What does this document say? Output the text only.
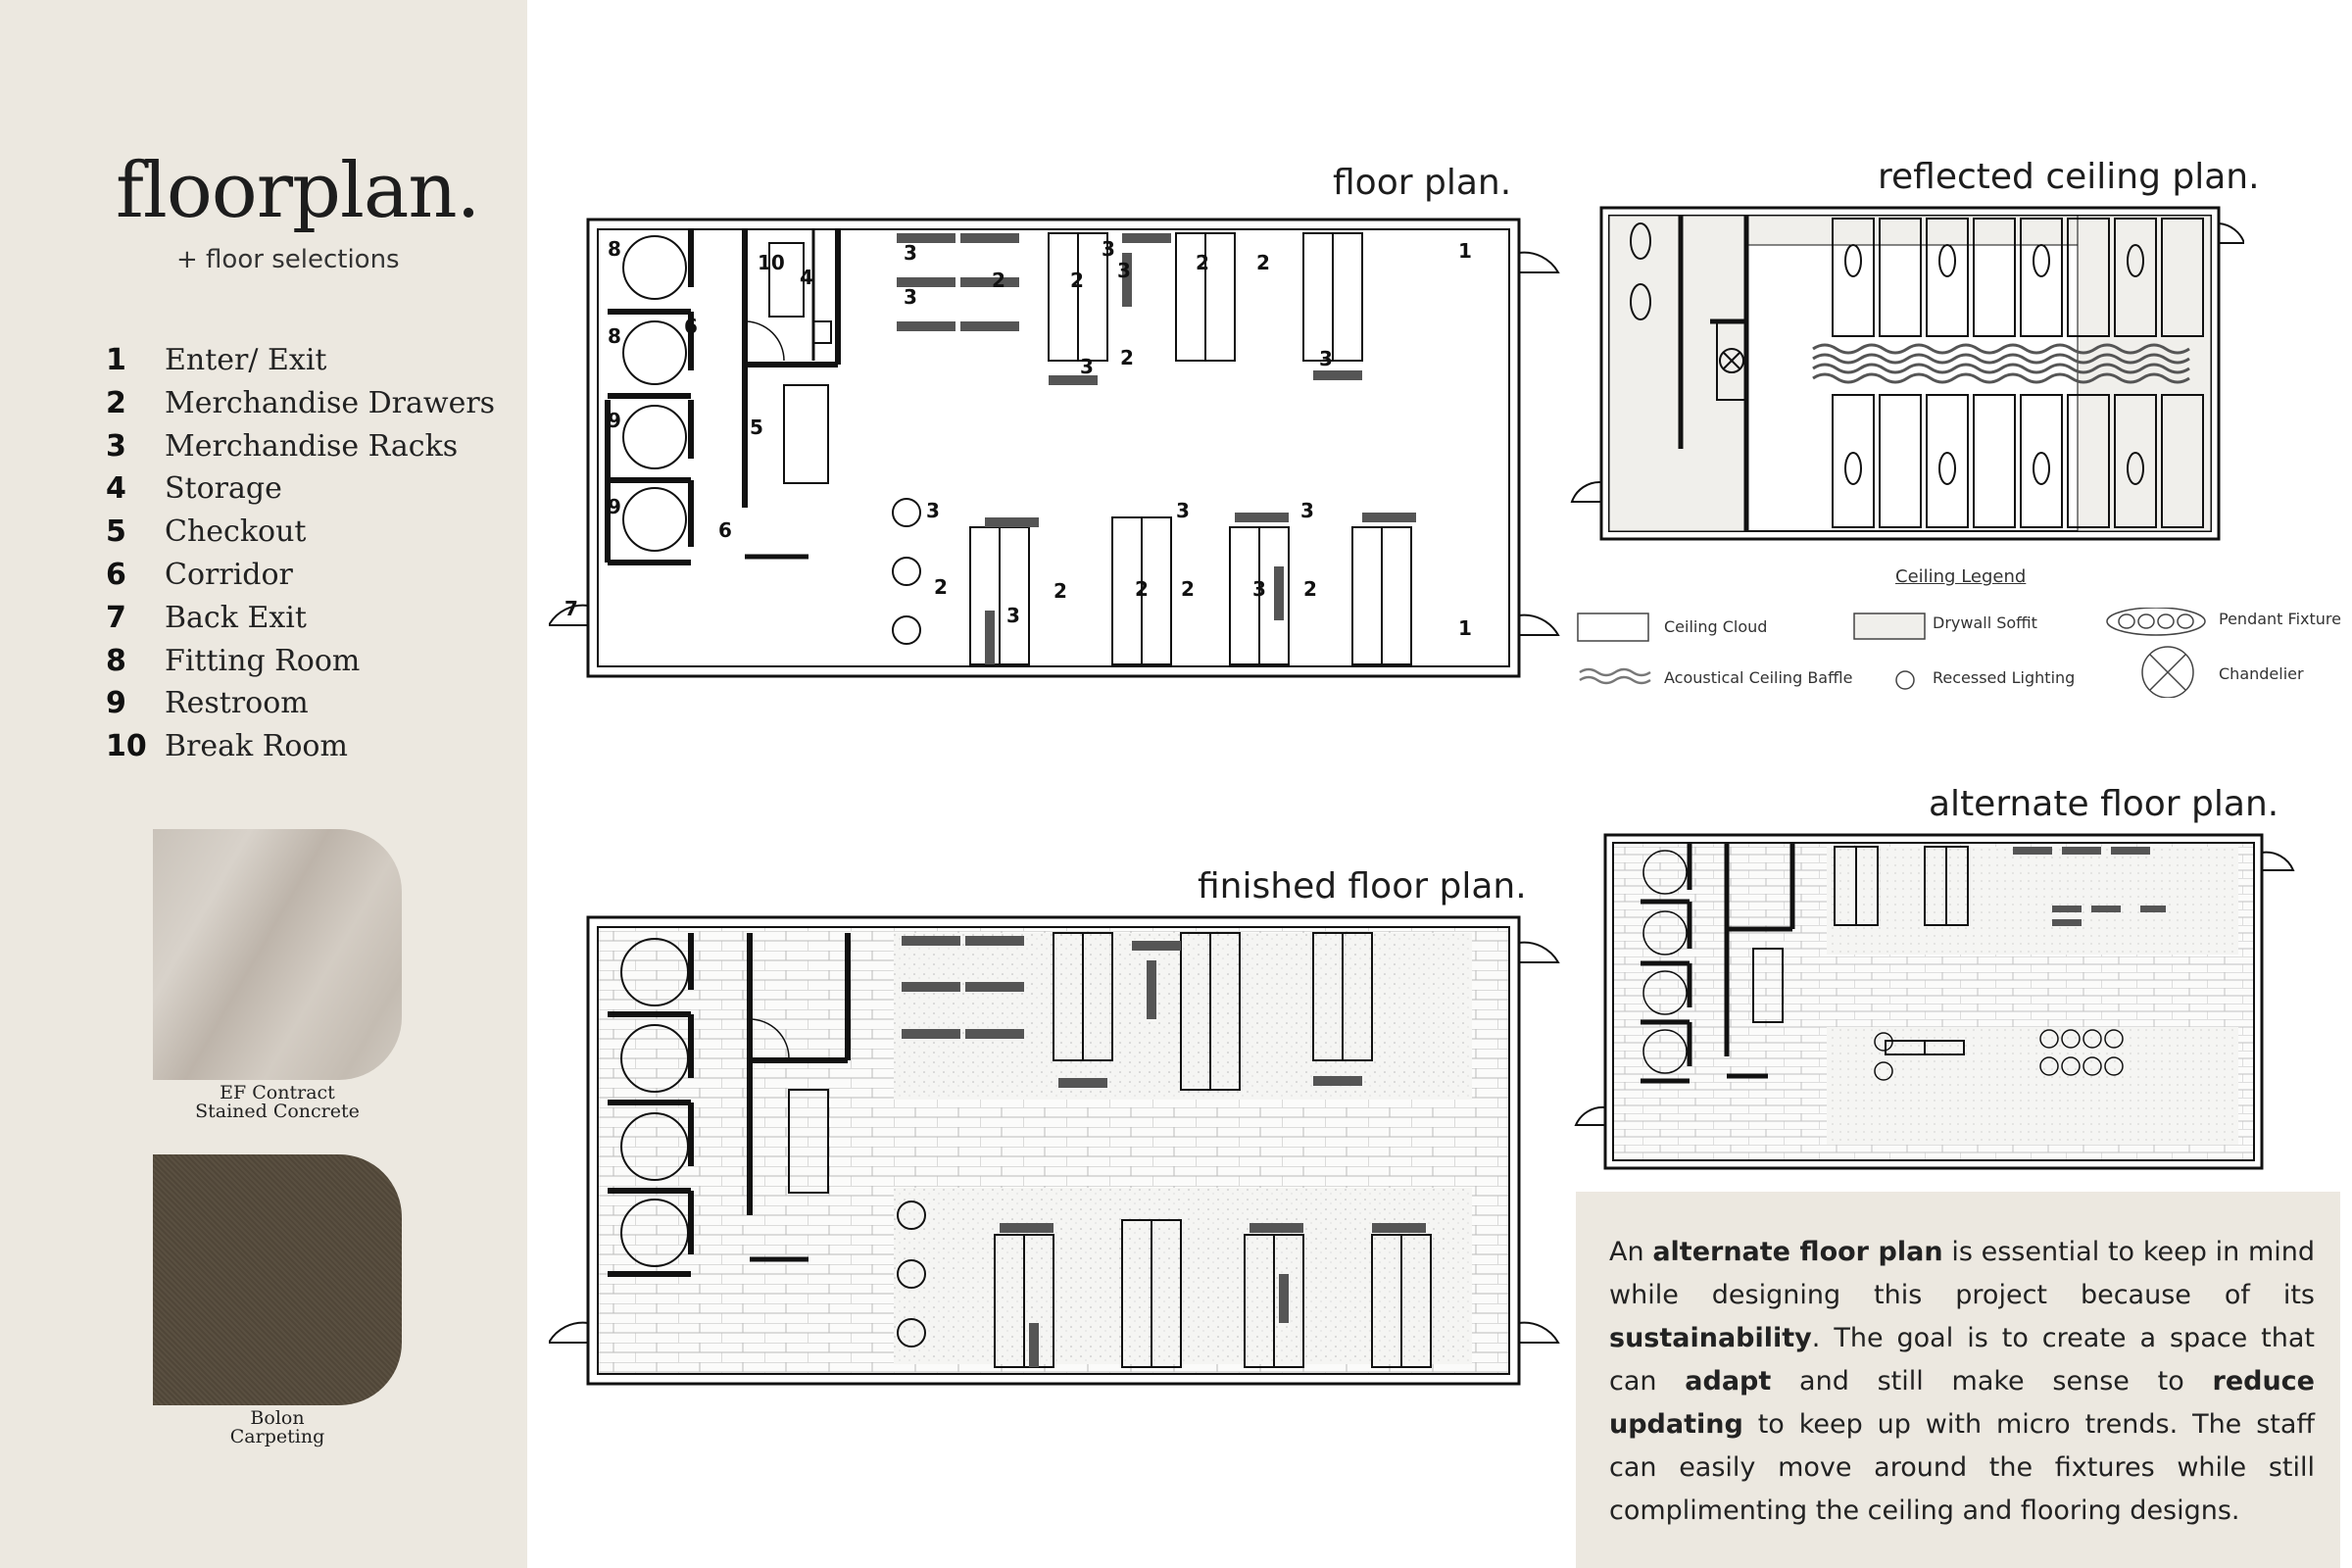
floorplan.
+ floor selections
1	Enter/ Exit
2	Merchandise Drawers
3	Merchandise Racks
4	Storage
5	Checkout
6	Corridor
7	Back Exit
8	Fitting Room
9	Restroom
10 Break Room
EF Contract
Stained Concrete
Bolon
Carpeting
floor plan.	reflected ceiling plan.
finished floor plan.
alternate floor plan.
8
8
9
9
10
4
6
5
6
7
1
1
3
3
2	2
3
3
3
2
2 2
3
3
2
3
2	2
3
2	3
3
2
Ceiling Legend
Ceiling Cloud	Drywall Soffit	Pendant Fixture
Acoustical Ceiling Baffle	Recessed Lighting	Chandelier

An alternate floor plan is essential to keep in mind while designing this project because of its sustainability. The goal is to create a space that can adapt and still make sense to reduce updating to keep up with micro trends. The staff can easily move around the fixtures while still complimenting the ceiling and flooring designs.
